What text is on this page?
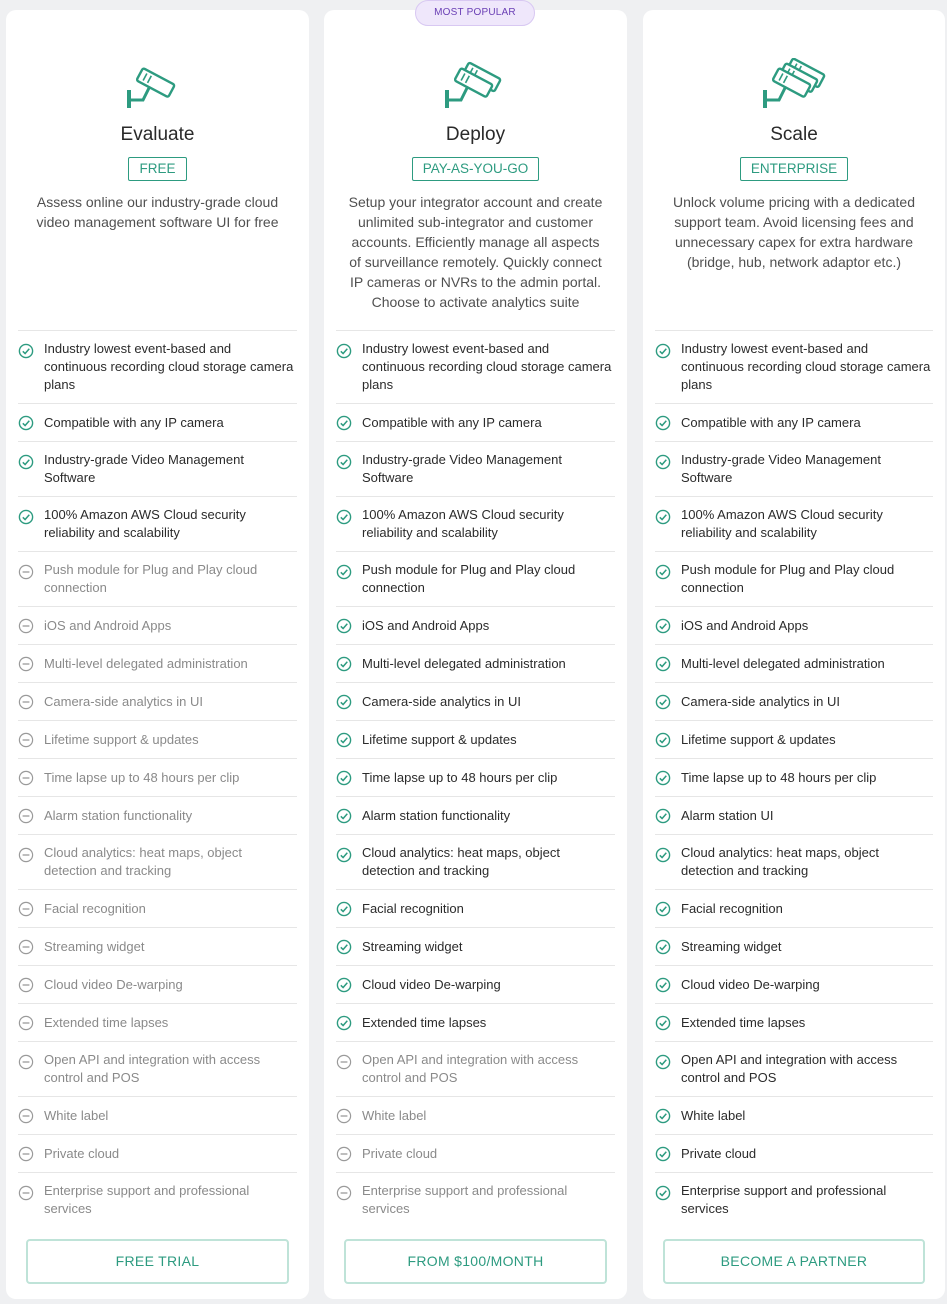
Evaluate
FREE
Assess online our industry-grade cloud video management software UI for free
Industry lowest event-based and continuous recording cloud storage camera plans
Compatible with any IP camera
Industry-grade Video Management Software
100% Amazon AWS Cloud security reliability and scalability
Push module for Plug and Play cloud connection
iOS and Android Apps
Multi-level delegated administration
Camera-side analytics in UI
Lifetime support & updates
Time lapse up to 48 hours per clip
Alarm station functionality
Cloud analytics: heat maps, object detection and tracking
Facial recognition
Streaming widget
Cloud video De-warping
Extended time lapses
Open API and integration with access control and POS
White label
Private cloud
Enterprise support and professional services
FREE TRIAL
MOST POPULAR
Deploy
PAY-AS-YOU-GO
Setup your integrator account and create unlimited sub-integrator and customer accounts. Efficiently manage all aspects of surveillance remotely. Quickly connect IP cameras or NVRs to the admin portal. Choose to activate analytics suite
Industry lowest event-based and continuous recording cloud storage camera plans
Compatible with any IP camera
Industry-grade Video Management Software
100% Amazon AWS Cloud security reliability and scalability
Push module for Plug and Play cloud connection
iOS and Android Apps
Multi-level delegated administration
Camera-side analytics in UI
Lifetime support & updates
Time lapse up to 48 hours per clip
Alarm station functionality
Cloud analytics: heat maps, object detection and tracking
Facial recognition
Streaming widget
Cloud video De-warping
Extended time lapses
Open API and integration with access control and POS
White label
Private cloud
Enterprise support and professional services
FROM $100/MONTH
Scale
ENTERPRISE
Unlock volume pricing with a dedicated support team. Avoid licensing fees and unnecessary capex for extra hardware (bridge, hub, network adaptor etc.)
Industry lowest event-based and continuous recording cloud storage camera plans
Compatible with any IP camera
Industry-grade Video Management Software
100% Amazon AWS Cloud security reliability and scalability
Push module for Plug and Play cloud connection
iOS and Android Apps
Multi-level delegated administration
Camera-side analytics in UI
Lifetime support & updates
Time lapse up to 48 hours per clip
Alarm station UI
Cloud analytics: heat maps, object detection and tracking
Facial recognition
Streaming widget
Cloud video De-warping
Extended time lapses
Open API and integration with access control and POS
White label
Private cloud
Enterprise support and professional services
BECOME A PARTNER
